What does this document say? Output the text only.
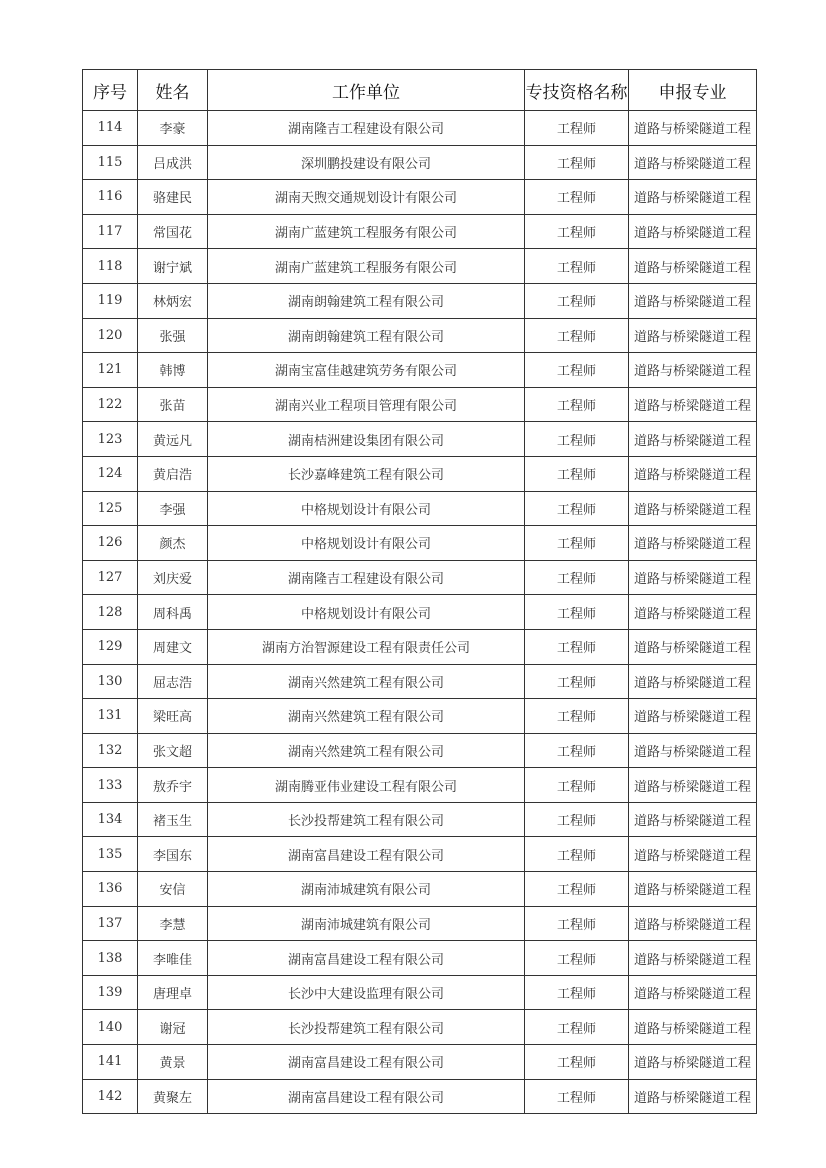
序号	姓名	工作单位	专技资格名称	申报专业
114	李豪	湖南隆吉工程建设有限公司	工程师	道路与桥梁隧道工程
115	吕成洪	深圳鹏投建设有限公司	工程师	道路与桥梁隧道工程
116	骆建民	湖南天煦交通规划设计有限公司	工程师	道路与桥梁隧道工程
117	常国花	湖南广蓝建筑工程服务有限公司	工程师	道路与桥梁隧道工程
118	谢宁斌	湖南广蓝建筑工程服务有限公司	工程师	道路与桥梁隧道工程
119	林炳宏	湖南朗翰建筑工程有限公司	工程师	道路与桥梁隧道工程
120	张强	湖南朗翰建筑工程有限公司	工程师	道路与桥梁隧道工程
121	韩博	湖南宝富佳越建筑劳务有限公司	工程师	道路与桥梁隧道工程
122	张苗	湖南兴业工程项目管理有限公司	工程师	道路与桥梁隧道工程
123	黄远凡	湖南桔洲建设集团有限公司	工程师	道路与桥梁隧道工程
124	黄启浩	长沙嘉峰建筑工程有限公司	工程师	道路与桥梁隧道工程
125	李强	中格规划设计有限公司	工程师	道路与桥梁隧道工程
126	颜杰	中格规划设计有限公司	工程师	道路与桥梁隧道工程
127	刘庆爱	湖南隆吉工程建设有限公司	工程师	道路与桥梁隧道工程
128	周科禹	中格规划设计有限公司	工程师	道路与桥梁隧道工程
129	周建文	湖南方治智源建设工程有限责任公司	工程师	道路与桥梁隧道工程
130	屈志浩	湖南兴然建筑工程有限公司	工程师	道路与桥梁隧道工程
131	梁旺高	湖南兴然建筑工程有限公司	工程师	道路与桥梁隧道工程
132	张文超	湖南兴然建筑工程有限公司	工程师	道路与桥梁隧道工程
133	敖乔宇	湖南腾亚伟业建设工程有限公司	工程师	道路与桥梁隧道工程
134	褚玉生	长沙投帮建筑工程有限公司	工程师	道路与桥梁隧道工程
135	李国东	湖南富昌建设工程有限公司	工程师	道路与桥梁隧道工程
136	安信	湖南沛城建筑有限公司	工程师	道路与桥梁隧道工程
137	李慧	湖南沛城建筑有限公司	工程师	道路与桥梁隧道工程
138	李唯佳	湖南富昌建设工程有限公司	工程师	道路与桥梁隧道工程
139	唐理卓	长沙中大建设监理有限公司	工程师	道路与桥梁隧道工程
140	谢冠	长沙投帮建筑工程有限公司	工程师	道路与桥梁隧道工程
141	黄景	湖南富昌建设工程有限公司	工程师	道路与桥梁隧道工程
142	黄聚左	湖南富昌建设工程有限公司	工程师	道路与桥梁隧道工程
